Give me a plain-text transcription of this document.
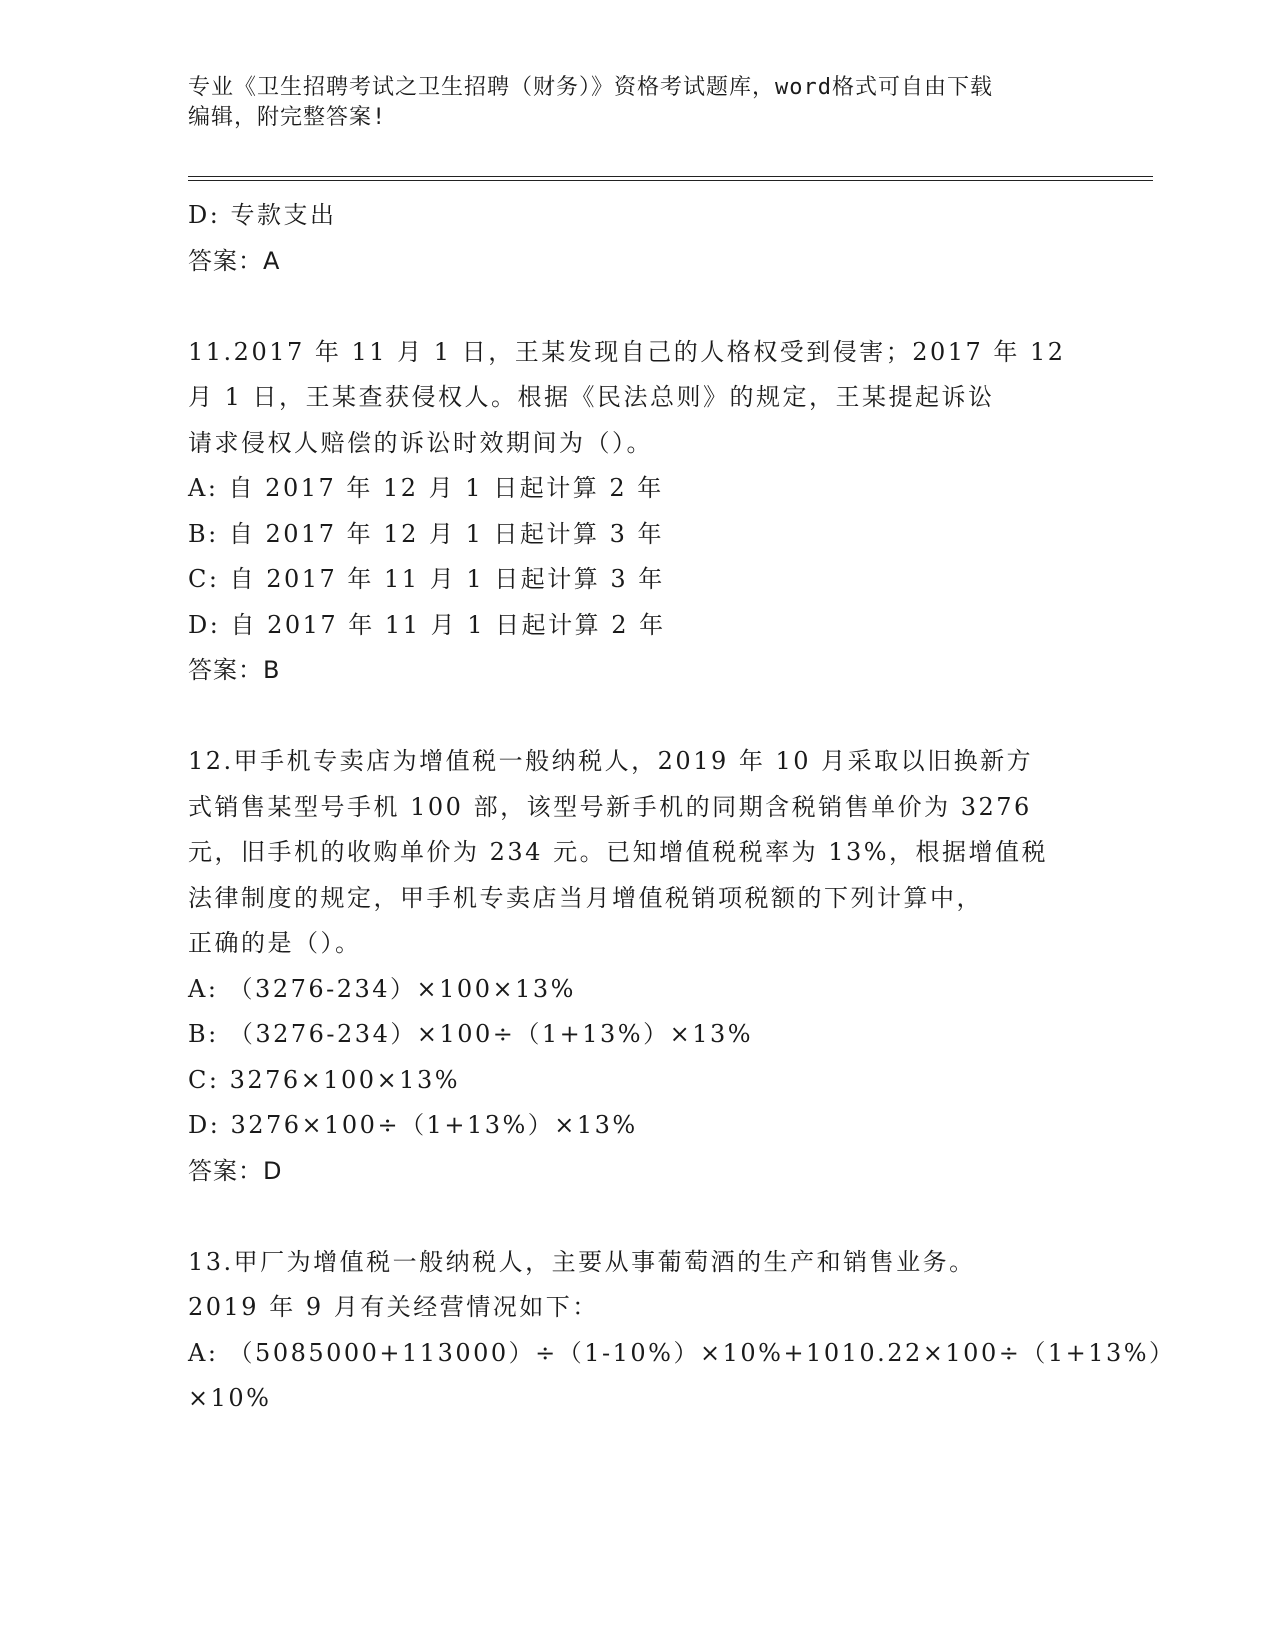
专业《卫生招聘考试之卫生招聘（财务）》资格考试题库，word格式可自由下载
编辑，附完整答案!
D: 专款支出
答案：A
11.2017 年 11 月 1 日，王某发现自己的人格权受到侵害；2017 年 12
月 1 日，王某查获侵权人。根据《民法总则》的规定，王某提起诉讼
请求侵权人赔偿的诉讼时效期间为（）。
A: 自 2017 年 12 月 1 日起计算 2 年
B: 自 2017 年 12 月 1 日起计算 3 年
C: 自 2017 年 11 月 1 日起计算 3 年
D: 自 2017 年 11 月 1 日起计算 2 年
答案：B
12.甲手机专卖店为增值税一般纳税人，2019 年 10 月采取以旧换新方
式销售某型号手机 100 部，该型号新手机的同期含税销售单价为 3276
元，旧手机的收购单价为 234 元。已知增值税税率为 13%，根据增值税
法律制度的规定，甲手机专卖店当月增值税销项税额的下列计算中，
正确的是（）。
A: （3276-234）×100×13%
B: （3276-234）×100÷（1+13%）×13%
C: 3276×100×13%
D: 3276×100÷（1+13%）×13%
答案：D
13.甲厂为增值税一般纳税人，主要从事葡萄酒的生产和销售业务。
2019 年 9 月有关经营情况如下：
A: （5085000+113000）÷（1-10%）×10%+1010.22×100÷（1+13%）
×10%
